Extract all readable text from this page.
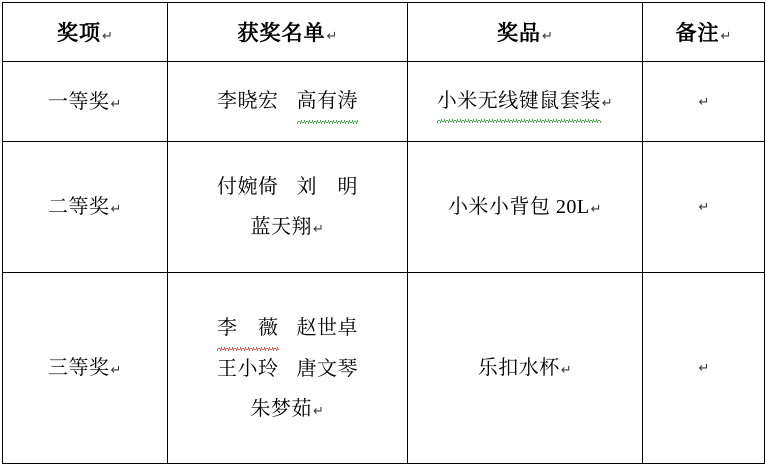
奖项↵	获奖名单↵	奖品↵	备注↵

一等奖↵	李晓宏 高有涛	小米无线键鼠套装↵	↵

二等奖↵	付婉倚 刘　明
蓝天翔↵	小米小背包 20L↵	↵

三等奖↵	李　薇 赵世卓
王小玲 唐文琴
朱梦茹↵	乐扣水杯↵	↵
